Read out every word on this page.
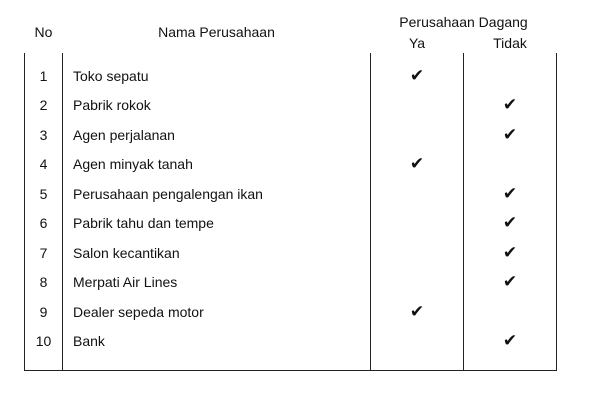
No	Nama Perusahaan	Perusahaan Dagang	
		Ya	Tidak

1	Toko sepatu	✔	
2	Pabrik rokok		✔
3	Agen perjalanan		✔
4	Agen minyak tanah	✔	
5	Perusahaan pengalengan ikan		✔
6	Pabrik tahu dan tempe		✔
7	Salon kecantikan		✔
8	Merpati Air Lines		✔
9	Dealer sepeda motor	✔	
10	Bank		✔
